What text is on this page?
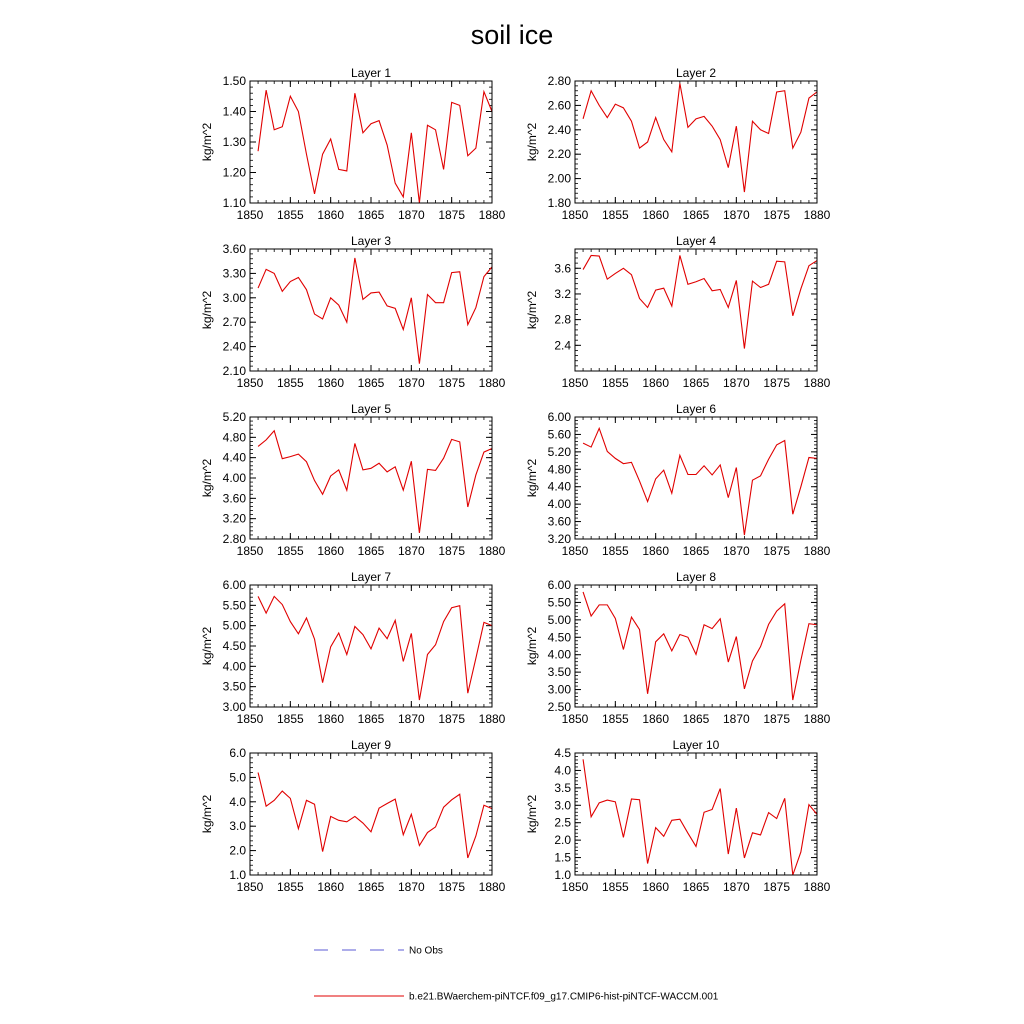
soil ice
Layer 1
kg/m^2
1850 1855 1860 1865 1870 1875 1880
1.10
1.20
1.30
1.40
1.50
Layer 2
kg/m^2
1850 1855 1860 1865 1870 1875 1880
1.80
2.00
2.20
2.40
2.60
2.80
Layer 3
kg/m^2
1850 1855 1860 1865 1870 1875 1880
2.10
2.40
2.70
3.00
3.30
3.60
Layer 4
kg/m^2
1850 1855 1860 1865 1870 1875 1880
2.4
2.8
3.2
3.6
Layer 5
kg/m^2
1850 1855 1860 1865 1870 1875 1880
2.80
3.20
3.60
4.00
4.40
4.80
5.20
Layer 6
kg/m^2
1850 1855 1860 1865 1870 1875 1880
3.20
3.60
4.00
4.40
4.80
5.20
5.60
6.00
Layer 7
kg/m^2
1850 1855 1860 1865 1870 1875 1880
3.00
3.50
4.00
4.50
5.00
5.50
6.00
Layer 8
kg/m^2
1850 1855 1860 1865 1870 1875 1880
2.50
3.00
3.50
4.00
4.50
5.00
5.50
6.00
Layer 9
kg/m^2
1850 1855 1860 1865 1870 1875 1880
1.0
2.0
3.0
4.0
5.0
6.0
Layer 10
kg/m^2
1850 1855 1860 1865 1870 1875 1880
1.0
1.5
2.0
2.5
3.0
3.5
4.0
4.5
No Obs
b.e21.BWaerchem-piNTCF.f09_g17.CMIP6-hist-piNTCF-WACCM.001
